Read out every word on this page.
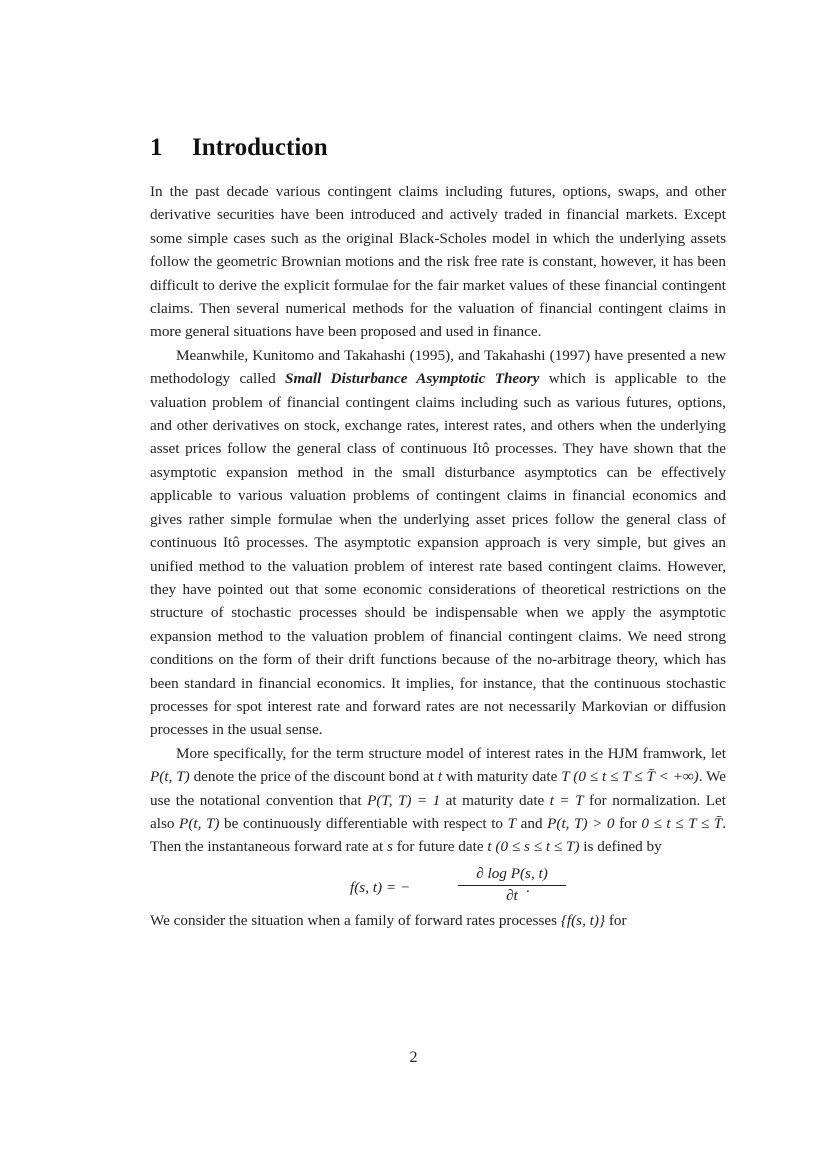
1 Introduction

In the past decade various contingent claims including futures, options, swaps, and other derivative securities have been introduced and actively traded in financial markets. Except some simple cases such as the original Black-Scholes model in which the underlying assets follow the geometric Brownian motions and the risk free rate is constant, however, it has been difficult to derive the explicit formulae for the fair market values of these financial contingent claims. Then several numerical methods for the valuation of financial contingent claims in more general situations have been proposed and used in finance.

Meanwhile, Kunitomo and Takahashi (1995), and Takahashi (1997) have presented a new methodology called Small Disturbance Asymptotic Theory which is applicable to the valuation problem of financial contingent claims including such as various futures, options, and other derivatives on stock, exchange rates, interest rates, and others when the underlying asset prices follow the general class of continuous Itô processes. They have shown that the asymptotic expansion method in the small disturbance asymptotics can be effectively applicable to various valuation problems of contingent claims in financial economics and gives rather simple formulae when the underlying asset prices follow the general class of continuous Itô processes. The asymptotic expansion approach is very simple, but gives an unified method to the valuation problem of interest rate based contingent claims. However, they have pointed out that some economic considerations of theoretical restrictions on the structure of stochastic processes should be indispensable when we apply the asymptotic expansion method to the valuation problem of financial contingent claims. We need strong conditions on the form of their drift functions because of the no-arbitrage theory, which has been standard in financial economics. It implies, for instance, that the continuous stochastic processes for spot interest rate and forward rates are not necessarily Markovian or diffusion processes in the usual sense.

More specifically, for the term structure model of interest rates in the HJM framwork, let P(t, T) denote the price of the discount bond at t with maturity date T (0 ≤ t ≤ T ≤ T̄ < +∞). We use the notational convention that P(T, T) = 1 at maturity date t = T for normalization. Let also P(t, T) be continuously differentiable with respect to T and P(t, T) > 0 for 0 ≤ t ≤ T ≤ T̄. Then the instantaneous forward rate at s for future date t (0 ≤ s ≤ t ≤ T) is defined by

f(s, t) = −	$\frac{\text{∂ log P(s, t)}}{\partial t}$
.

We consider the situation when a family of forward rates processes {f(s, t)} for

2
